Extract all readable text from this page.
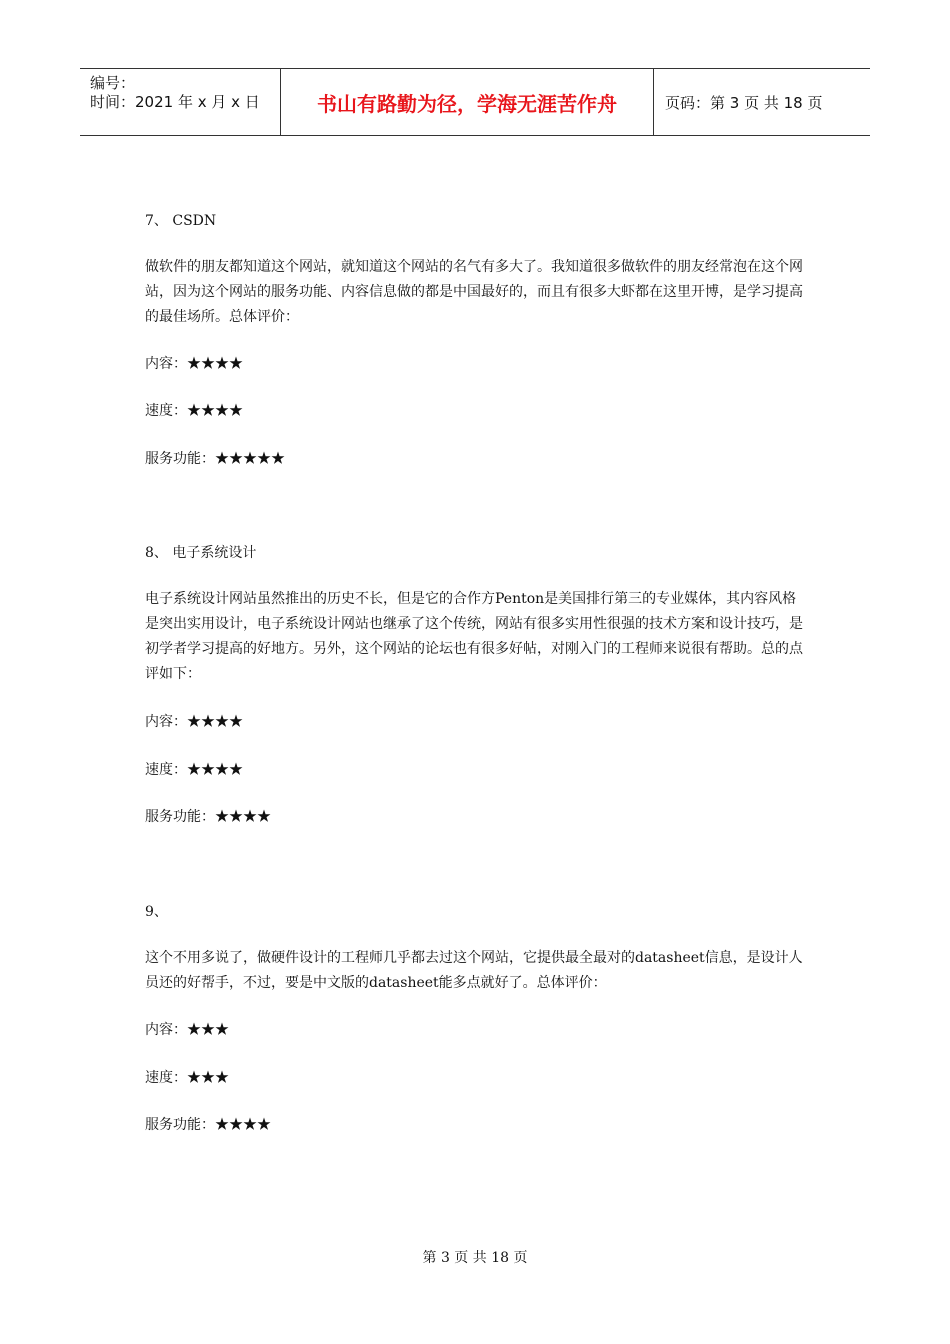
编号：
时间：2021 年 x 月 x 日	书山有路勤为径，学海无涯苦作舟	页码：第 3 页 共 18 页
7、 CSDN
做软件的朋友都知道这个网站，就知道这个网站的名气有多大了。我知道很多做软件的朋友经常泡在这个网站，因为这个网站的服务功能、内容信息做的都是中国最好的，而且有很多大虾都在这里开博，是学习提高的最佳场所。总体评价：
内容：★★★★
速度：★★★★
服务功能：★★★★★
8、 电子系统设计
电子系统设计网站虽然推出的历史不长，但是它的合作方Penton是美国排行第三的专业媒体，其内容风格是突出实用设计，电子系统设计网站也继承了这个传统，网站有很多实用性很强的技术方案和设计技巧，是初学者学习提高的好地方。另外，这个网站的论坛也有很多好帖，对刚入门的工程师来说很有帮助。总的点评如下：
内容：★★★★
速度：★★★★
服务功能：★★★★
9、
这个不用多说了，做硬件设计的工程师几乎都去过这个网站，它提供最全最对的datasheet信息，是设计人员还的好帮手，不过，要是中文版的datasheet能多点就好了。总体评价：
内容：★★★
速度：★★★
服务功能：★★★★
第 3 页 共 18 页
